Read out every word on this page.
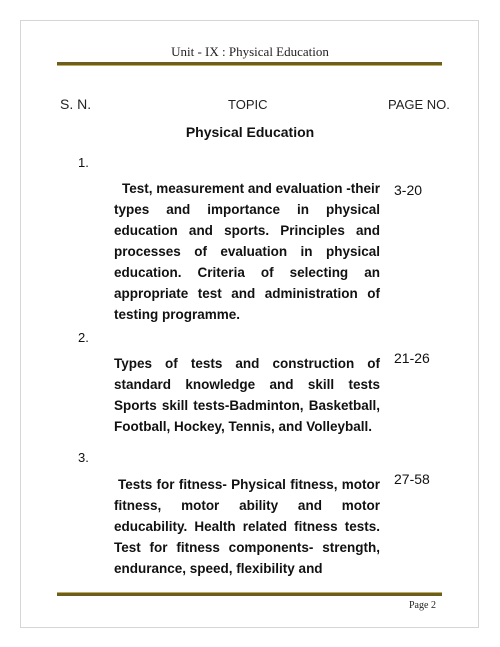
Unit - IX : Physical Education
S. N.	TOPIC	PAGE NO.
Physical Education
1.
Test, measurement and evaluation -their types and importance in physical education and sports. Principles and processes of evaluation in physical education. Criteria of selecting an appropriate test and administration of testing programme.
3-20
2.
Types of tests and construction of standard knowledge and skill tests Sports skill tests-Badminton, Basketball, Football, Hockey, Tennis, and Volleyball.
21-26
3.
Tests for fitness- Physical fitness, motor fitness, motor ability and motor educability. Health related fitness tests. Test for fitness components- strength, endurance, speed, flexibility and
27-58
Page 2
